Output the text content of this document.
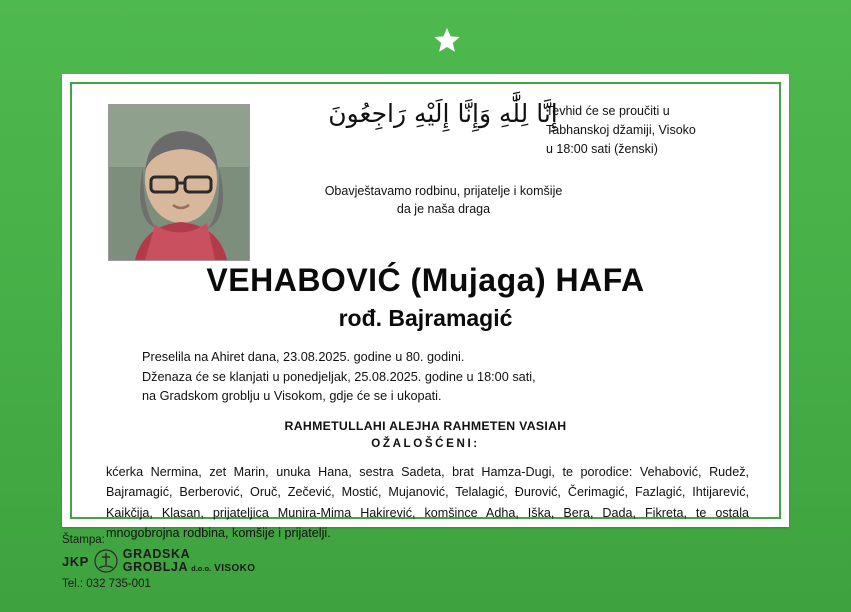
إِنَّا لِلَّٰهِ وَإِنَّا إِلَيْهِ رَاجِعُونَ
Tevhid će se proučiti u
Tabhanskoj džamiji, Visoko
u 18:00 sati (ženski)
Obavještavamo rodbinu, prijatelje i komšije
da je naša draga
VEHABOVIĆ (Mujaga) HAFA
rođ. Bajramagić
Preselila na Ahiret dana, 23.08.2025. godine u 80. godini.
Dženaza će se klanjati u ponedjeljak, 25.08.2025. godine u 18:00 sati,
na Gradskom groblju u Visokom, gdje će se i ukopati.
RAHMETULLAHI ALEJHA RAHMETEN VASIAH
OŽALOŠĆENI:
kćerka Nermina, zet Marin, unuka Hana, sestra Sadeta, brat Hamza-Dugi, te porodice: Vehabović, Rudež, Bajramagić, Berberović, Oruč, Zečević, Mostić, Mujanović, Telalagić, Đurović, Čerimagić, Fazlagić, Ihtijarević, Kaikčija, Klasan, prijateljica Munira-Mima Hakirević, komšince Adha, Iška, Bera, Dada, Fikreta, te ostala mnogobrojna rodbina, komšije i prijatelji.
Štampa:
JKP	GRADSKA
GROBLJA d.o.o. VISOKO
Tel.: 032 735-001
